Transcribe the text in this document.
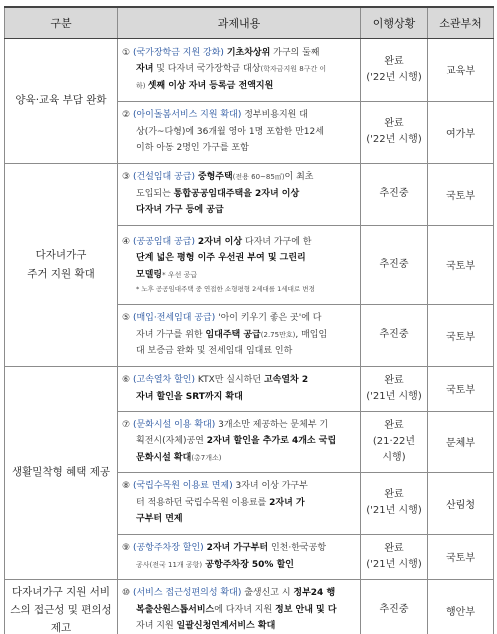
구분	과제내용	이행상황	소관부처
양육·교육 부담 완화	① (국가장학금 지원 강화) 기초차상위 가구의 둘째
자녀 및 다자녀 국가장학금 대상(학자금지원 8구간 이
하) 셋째 이상 자녀 등록금 전액지원	완료
('22년 시행)	교육부

	② (아이돌봄서비스 지원 확대) 정부비용지원 대
상(가~다형)에 36개월 영아 1명 포함한 만12세
이하 아동 2명인 가구를 포함	완료
('22년 시행)	여가부

다자녀가구
주거 지원 확대	③ (건설임대 공급) 중형주택(전용 60~85㎡)이 최초
도입되는 통합공공임대주택을 2자녀 이상
다자녀 가구 등에 공급	추진중	국토부

	④ (공공임대 공급) 2자녀 이상 다자녀 가구에 한
단계 넓은 평형 이주 우선권 부여 및 그린리
모델링* 우선 공급
* 노후 공공임대주택 중 연접한 소형평형 2세대를 1세대로 변경	추진중	국토부

	⑤ (매입·전세임대 공급) '아이 키우기 좋은 곳'에 다
자녀 가구를 위한 임대주택 공급(2.75만호), 매입임
대 보증금 완화 및 전세임대 임대료 인하	추진중	국토부
생활밀착형 혜택 제공	⑥ (고속열차 할인) KTX만 실시하던 고속열차 2
자녀 할인을 SRT까지 확대	완료
('21년 시행)	국토부

	⑦ (문화시설 이용 확대) 3개소만 제공하는 문체부 기
획전시(자체)공연 2자녀 할인을 추가로 4개소 국립
문화시설 확대(총7개소)	완료
(21·22년
시행)	문체부

	⑧ (국립수목원 이용료 면제) 3자녀 이상 가구부
터 적용하던 국립수목원 이용료를 2자녀 가
구부터 면제	완료
('21년 시행)	산림청

	⑨ (공항주차장 할인) 2자녀 가구부터 인천·한국공항
공사(전국 11개 공항) 공항주차장 50% 할인	완료
('21년 시행)	국토부

다자녀가구 지원 서비
스의 접근성 및 편의성
제고	⑩ (서비스 접근성편의성 확대) 출생신고 시 정부24 행
복출산원스톱서비스에 다자녀 지원 정보 안내 및 다
자녀 지원 일괄신청연계서비스 확대	추진중	행안부
